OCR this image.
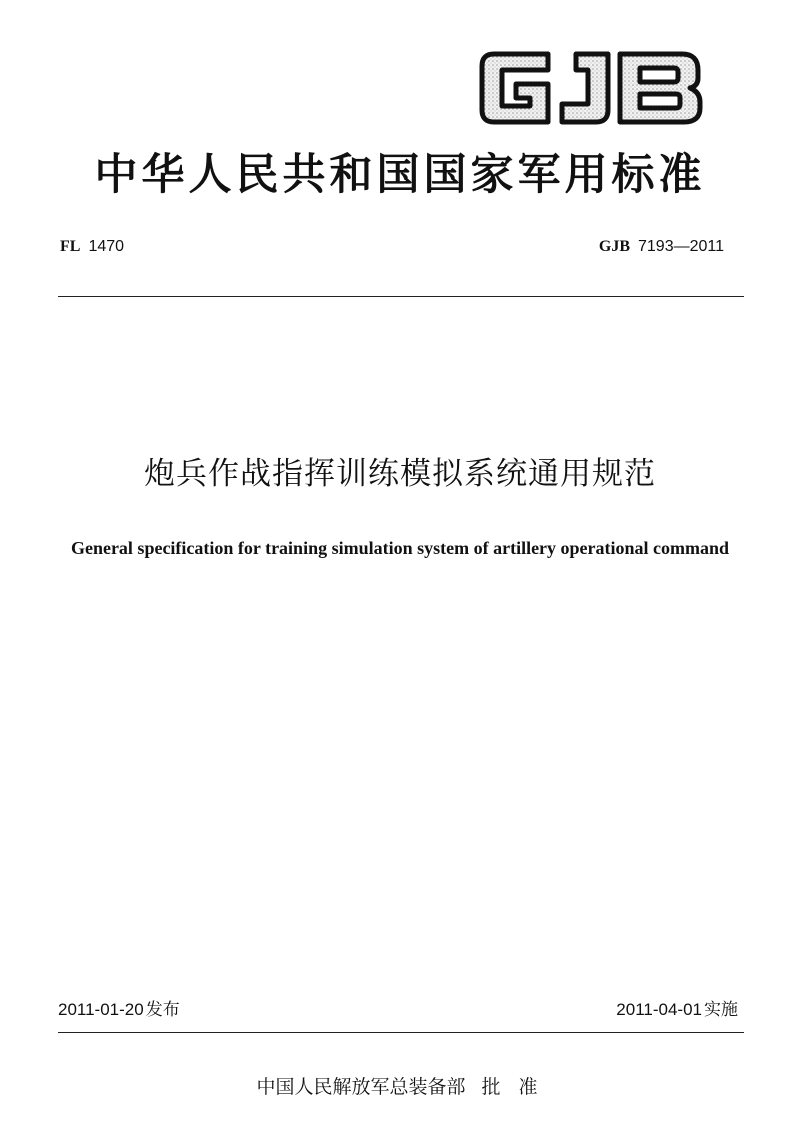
中华人民共和国国家军用标准
FL 1470	GJB 7193—2011
炮兵作战指挥训练模拟系统通用规范
General specification for training simulation system of artillery operational command
2011-01-20 发布	2011-04-01 实施
中国人民解放军总装备部 批 准
